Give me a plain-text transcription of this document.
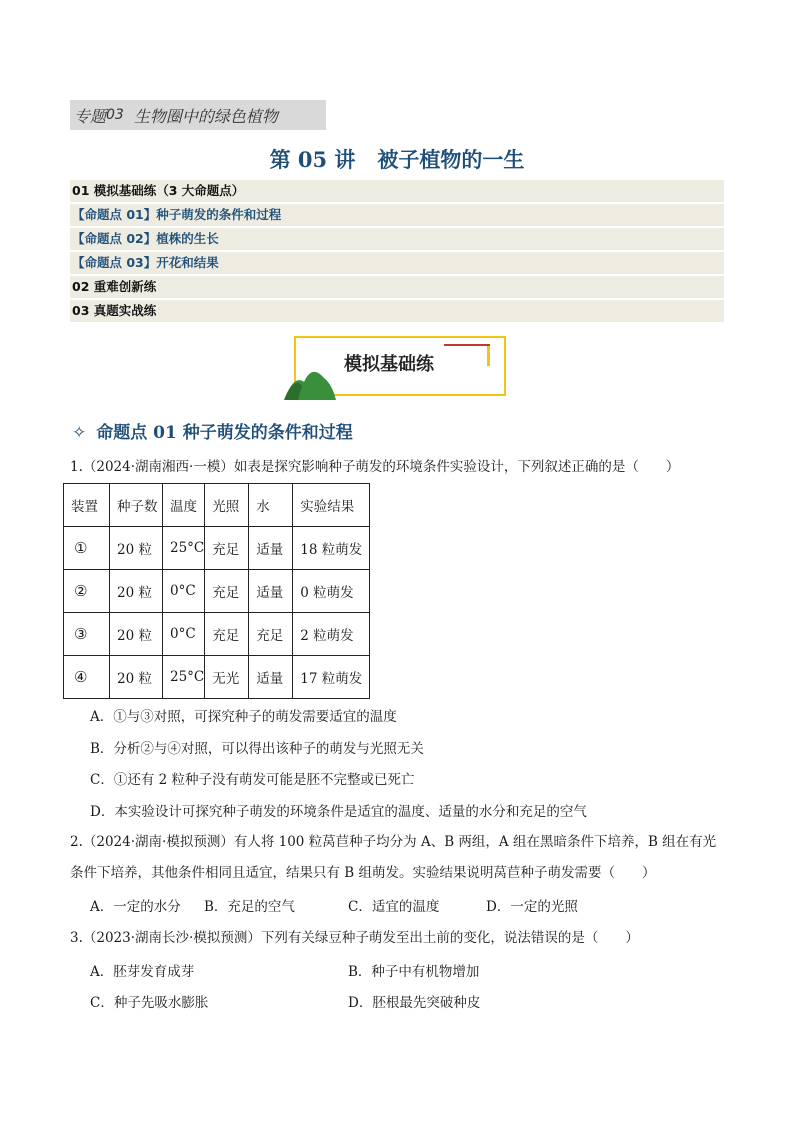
专题 03 生物圈中的绿色植物
第 05 讲 被子植物的一生
01 模拟基础练（3 大命题点）
【命题点 01】种子萌发的条件和过程
【命题点 02】植株的生长
【命题点 03】开花和结果
02 重难创新练
03 真题实战练
模拟基础练
✧ 命题点 01 种子萌发的条件和过程
1.（2024·湖南湘西·一模）如表是探究影响种子萌发的环境条件实验设计，下列叙述正确的是（　　）
装置	种子数	温度	光照	水	实验结果
①	20 粒	25°C	充足	适量	18 粒萌发
②	20 粒	0°C	充足	适量	0 粒萌发
③	20 粒	0°C	充足	充足	2 粒萌发
④	20 粒	25°C	无光	适量	17 粒萌发
A．①与③对照，可探究种子的萌发需要适宜的温度
B．分析②与④对照，可以得出该种子的萌发与光照无关
C．①还有 2 粒种子没有萌发可能是胚不完整或已死亡
D．本实验设计可探究种子萌发的环境条件是适宜的温度、适量的水分和充足的空气
2.（2024·湖南·模拟预测）有人将 100 粒莴苣种子均分为 A、B 两组，A 组在黑暗条件下培养，B 组在有光
条件下培养，其他条件相同且适宜，结果只有 B 组萌发。实验结果说明莴苣种子萌发需要（　　）
A．一定的水分 B．充足的空气	C．适宜的温度	D．一定的光照
3.（2023·湖南长沙·模拟预测）下列有关绿豆种子萌发至出土前的变化，说法错误的是（　　）
A．胚芽发育成芽	B．种子中有机物增加
C．种子先吸水膨胀	D．胚根最先突破种皮
